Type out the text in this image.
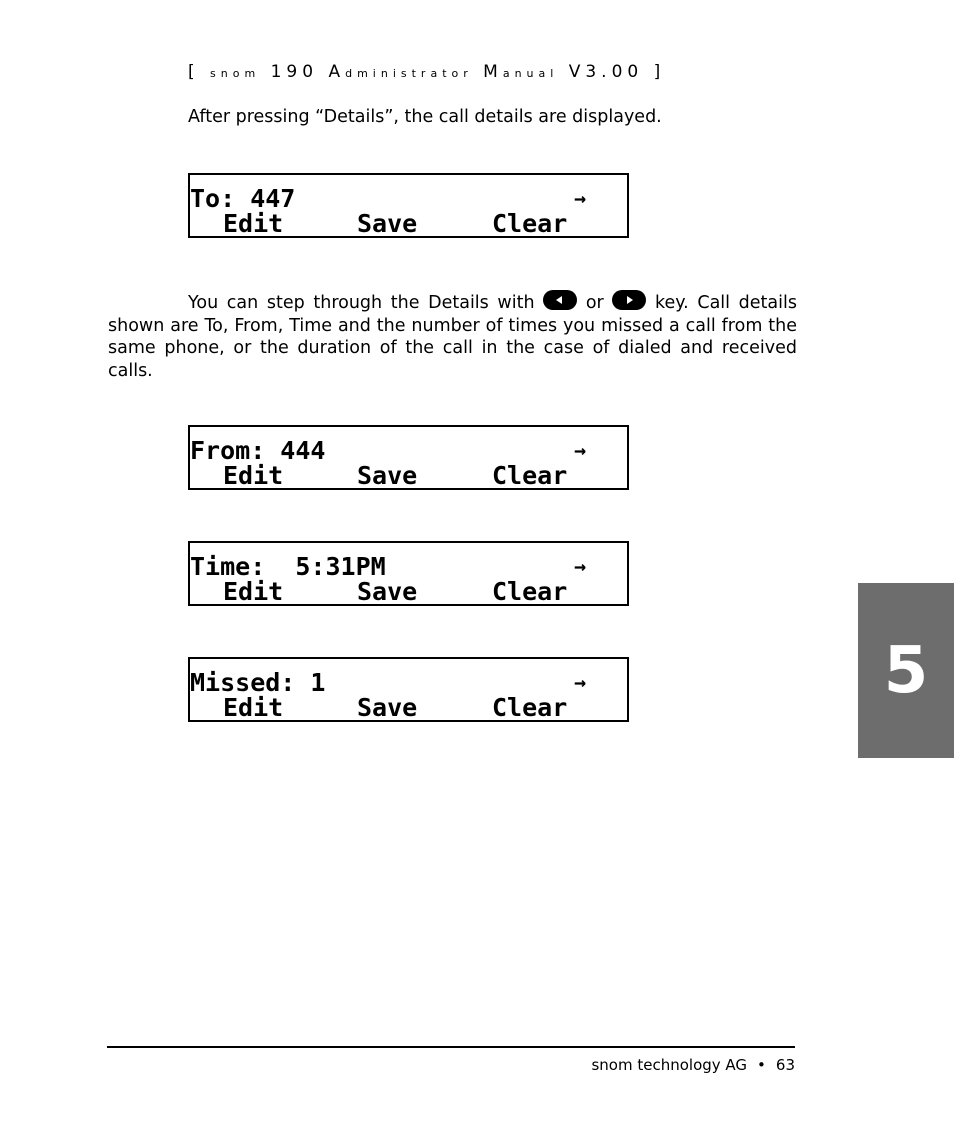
[ snom 190 Administrator Manual V3.00 ]
After pressing “Details”, the call details are displayed.
To: 447	→
Edit	Save	Clear
You can step through the Details with	or	key. Call details shown are To, From, Time and the number of times you missed a call from the same phone, or the duration of the call in the case of dialed and received calls.
From: 444	→
Edit	Save	Clear
Time:  5:31PM	→
Edit	Save	Clear
Missed: 1	→
Edit	Save	Clear	5
snom technology AG • 63
